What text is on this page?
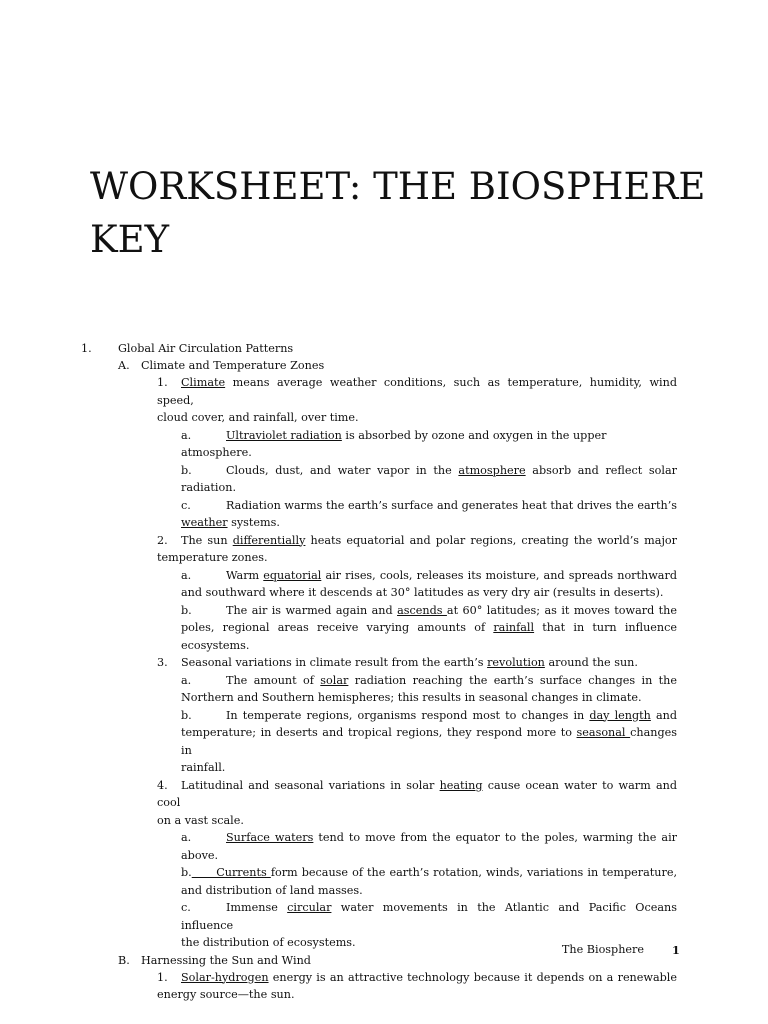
WORKSHEET: THE BIOSPHERE
KEY
1. Global Air Circulation Patterns
A. Climate and Temperature Zones
1. Climate means average weather conditions, such as temperature, humidity, wind speed,
cloud cover, and rainfall, over time.
a.	Ultraviolet radiation is absorbed by ozone and oxygen in the upper atmosphere.
b.	Clouds, dust, and water vapor in the atmosphere absorb and reflect solar
radiation.
c.	Radiation warms the earth’s surface and generates heat that drives the earth’s
weather systems.
2. The sun differentially heats equatorial and polar regions, creating the world’s major
temperature zones.
a.	Warm equatorial air rises, cools, releases its moisture, and spreads northward
and southward where it descends at 30° latitudes as very dry air (results in deserts).
b.	The air is warmed again and ascends at 60° latitudes; as it moves toward the
poles, regional areas receive varying amounts of rainfall that in turn influence
ecosystems.
3. Seasonal variations in climate result from the earth’s revolution around the sun.
a.	The amount of solar radiation reaching the earth’s surface changes in the
Northern and Southern hemispheres; this results in seasonal changes in climate.
b.	In temperate regions, organisms respond most to changes in day length and
temperature; in deserts and tropical regions, they respond more to seasonal changes in
rainfall.
4. Latitudinal and seasonal variations in solar heating cause ocean water to warm and cool
on a vast scale.
a.	Surface waters tend to move from the equator to the poles, warming the air
above.
b.      Currents form because of the earth’s rotation, winds, variations in temperature,
and distribution of land masses.
c.	Immense circular water movements in the Atlantic and Pacific Oceans influence
the distribution of ecosystems.
B. Harnessing the Sun and Wind
1. Solar-hydrogen energy is an attractive technology because it depends on a renewable
energy source—the sun.
The Biosphere	1
